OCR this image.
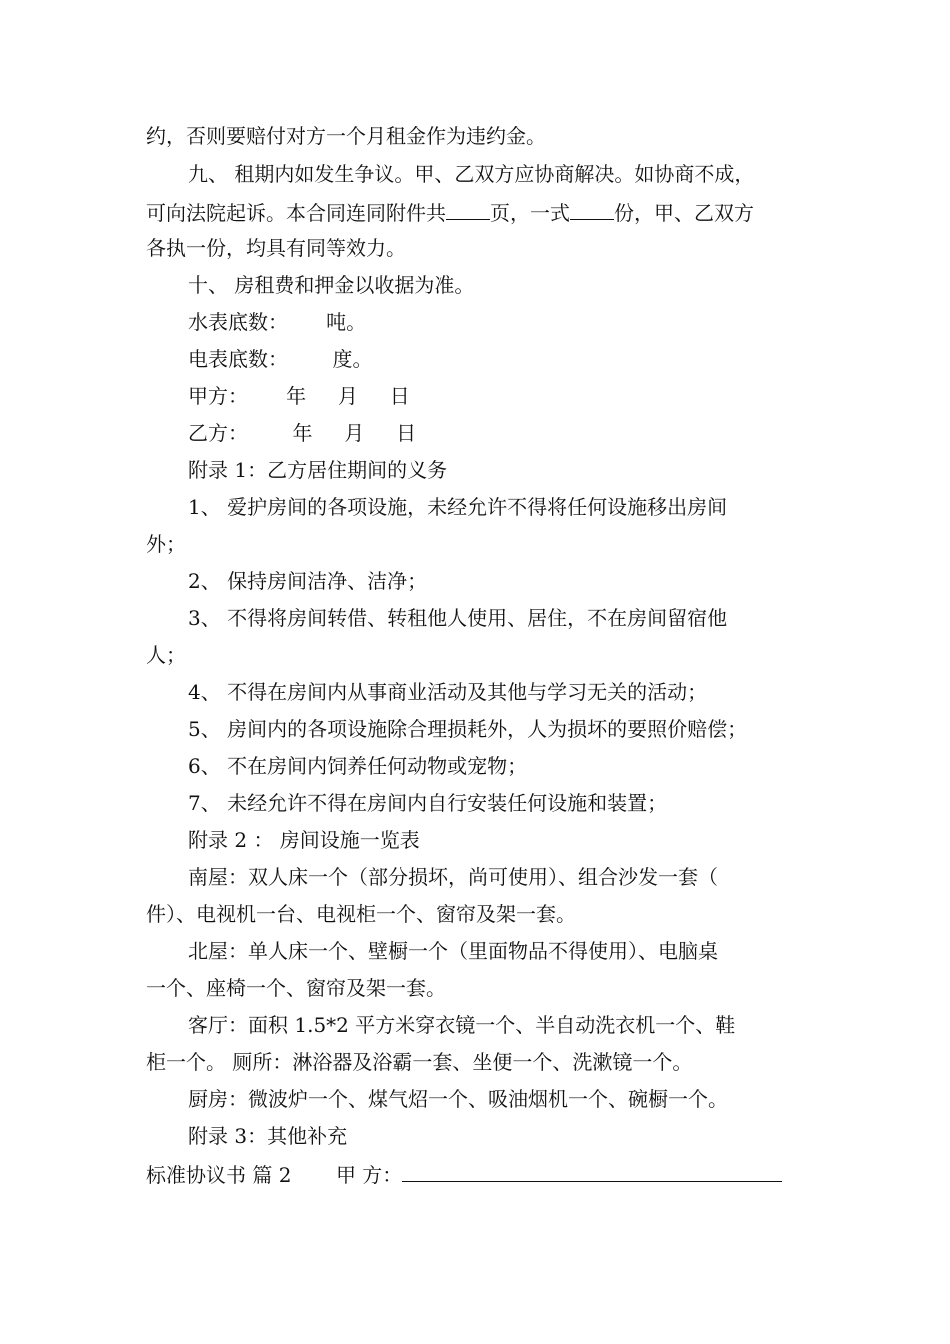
约，否则要赔付对方一个月租金作为违约金。
九、 租期内如发生争议。甲、乙双方应协商解决。如协商不成，
可向法院起诉。本合同连同附件共 页，一式 份，甲、乙双方
各执一份，均具有同等效力。
十、 房租费和押金以收据为准。
水表底数：      吨。
电表底数：       度。
甲方：      年     月     日
乙方：       年     月     日
附录 1：乙方居住期间的义务
1、 爱护房间的各项设施，未经允许不得将任何设施移出房间
外；
2、 保持房间洁净、洁净；
3、 不得将房间转借、转租他人使用、居住，不在房间留宿他
人；
4、 不得在房间内从事商业活动及其他与学习无关的活动；
5、 房间内的各项设施除合理损耗外，人为损坏的要照价赔偿；
6、 不在房间内饲养任何动物或宠物；
7、 未经允许不得在房间内自行安装任何设施和装置；
附录 2 ： 房间设施一览表
南屋：双人床一个（部分损坏，尚可使用）、组合沙发一套（
件）、电视机一台、电视柜一个、窗帘及架一套。
北屋：单人床一个、壁橱一个（里面物品不得使用）、电脑桌
一个、座椅一个、窗帘及架一套。
客厅：面积 1.5*2 平方米穿衣镜一个、半自动洗衣机一个、鞋
柜一个。 厕所：淋浴器及浴霸一套、坐便一个、洗漱镜一个。
厨房：微波炉一个、煤气炤一个、吸油烟机一个、碗橱一个。
附录 3：其他补充
标准协议书 篇 2       甲 方：
